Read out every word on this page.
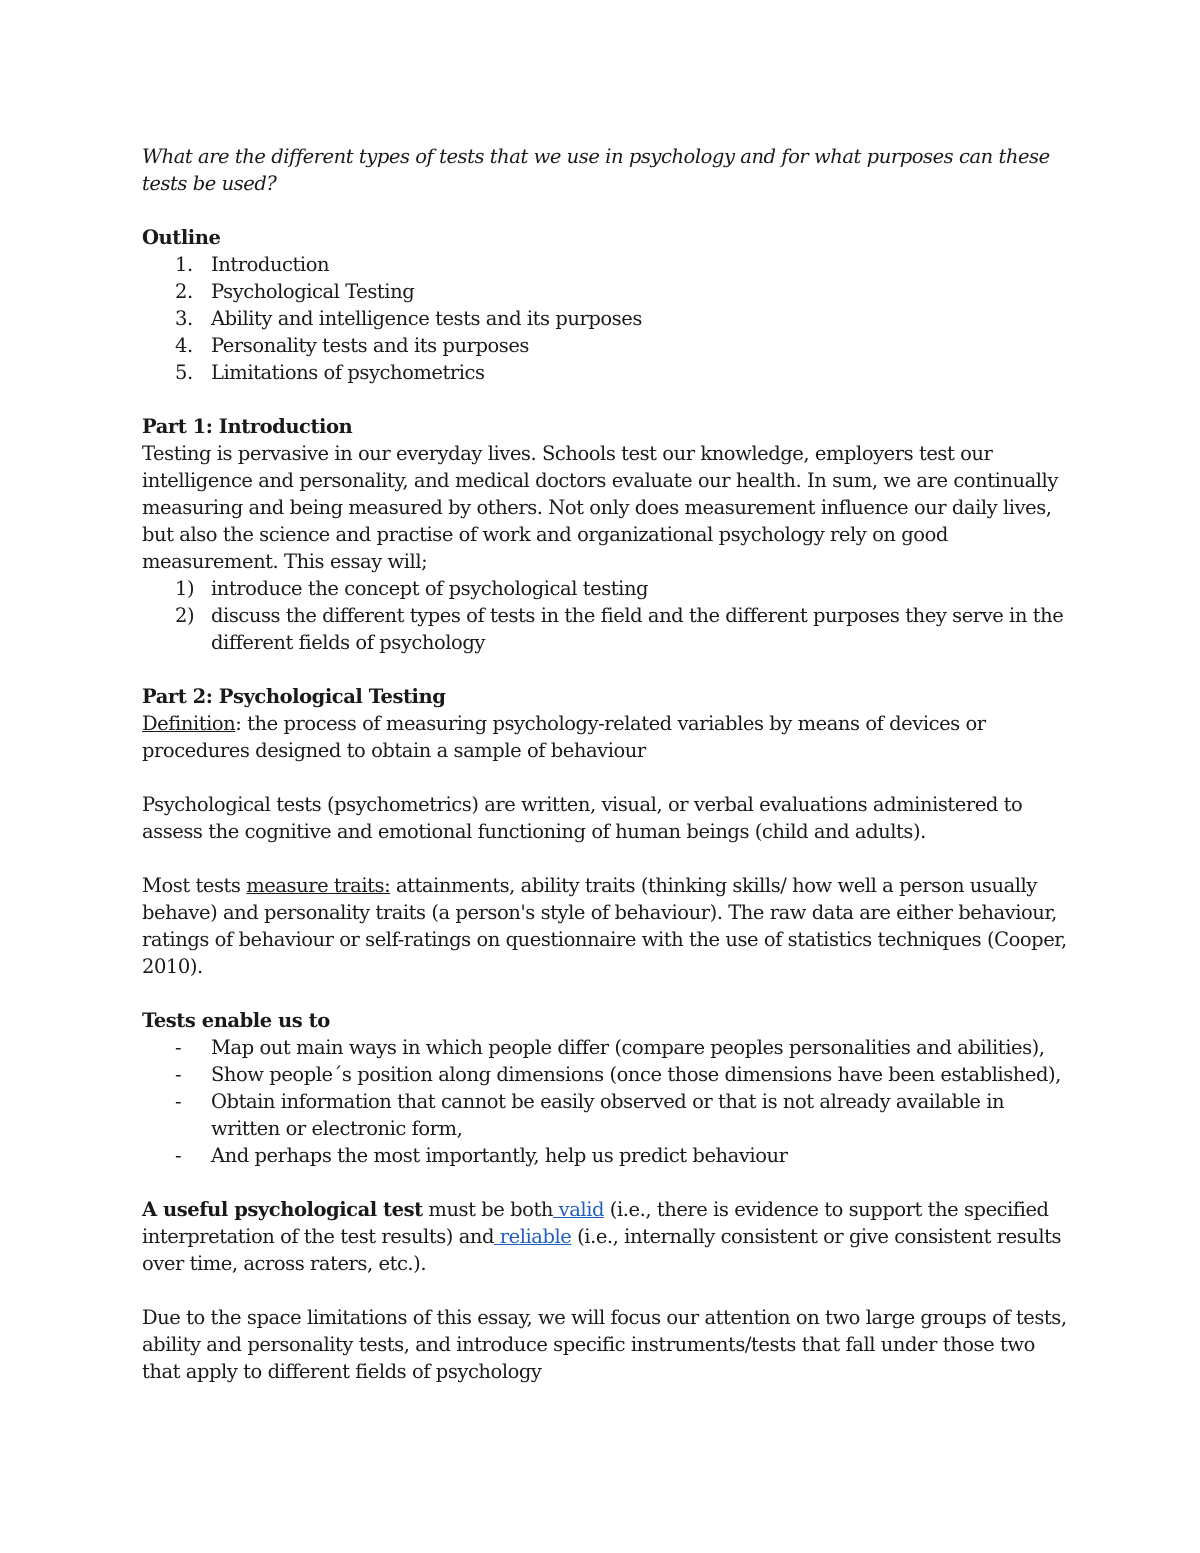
What are the different types of tests that we use in psychology and for what purposes can these tests be used?

Outline

1. Introduction
2. Psychological Testing
3. Ability and intelligence tests and its purposes
4. Personality tests and its purposes
5. Limitations of psychometrics

Part 1: Introduction

Testing is pervasive in our everyday lives. Schools test our knowledge, employers test our intelligence and personality, and medical doctors evaluate our health. In sum, we are continually measuring and being measured by others. Not only does measurement influence our daily lives, but also the science and practise of work and organizational psychology rely on good measurement. This essay will;

1) introduce the concept of psychological testing
2) discuss the different types of tests in the field and the different purposes they serve in the different fields of psychology

Part 2: Psychological Testing

Definition: the process of measuring psychology-related variables by means of devices or procedures designed to obtain a sample of behaviour

Psychological tests (psychometrics) are written, visual, or verbal evaluations administered to assess the cognitive and emotional functioning of human beings (child and adults).

Most tests measure traits: attainments, ability traits (thinking skills/ how well a person usually behave) and personality traits (a person's style of behaviour). The raw data are either behaviour, ratings of behaviour or self-ratings on questionnaire with the use of statistics techniques (Cooper, 2010).

Tests enable us to

- Map out main ways in which people differ (compare peoples personalities and abilities),
- Show people´s position along dimensions (once those dimensions have been established),
- Obtain information that cannot be easily observed or that is not already available in written or electronic form,
- And perhaps the most importantly, help us predict behaviour

A useful psychological test must be both valid (i.e., there is evidence to support the specified interpretation of the test results) and reliable (i.e., internally consistent or give consistent results over time, across raters, etc.).

Due to the space limitations of this essay, we will focus our attention on two large groups of tests, ability and personality tests, and introduce specific instruments/tests that fall under those two that apply to different fields of psychology
